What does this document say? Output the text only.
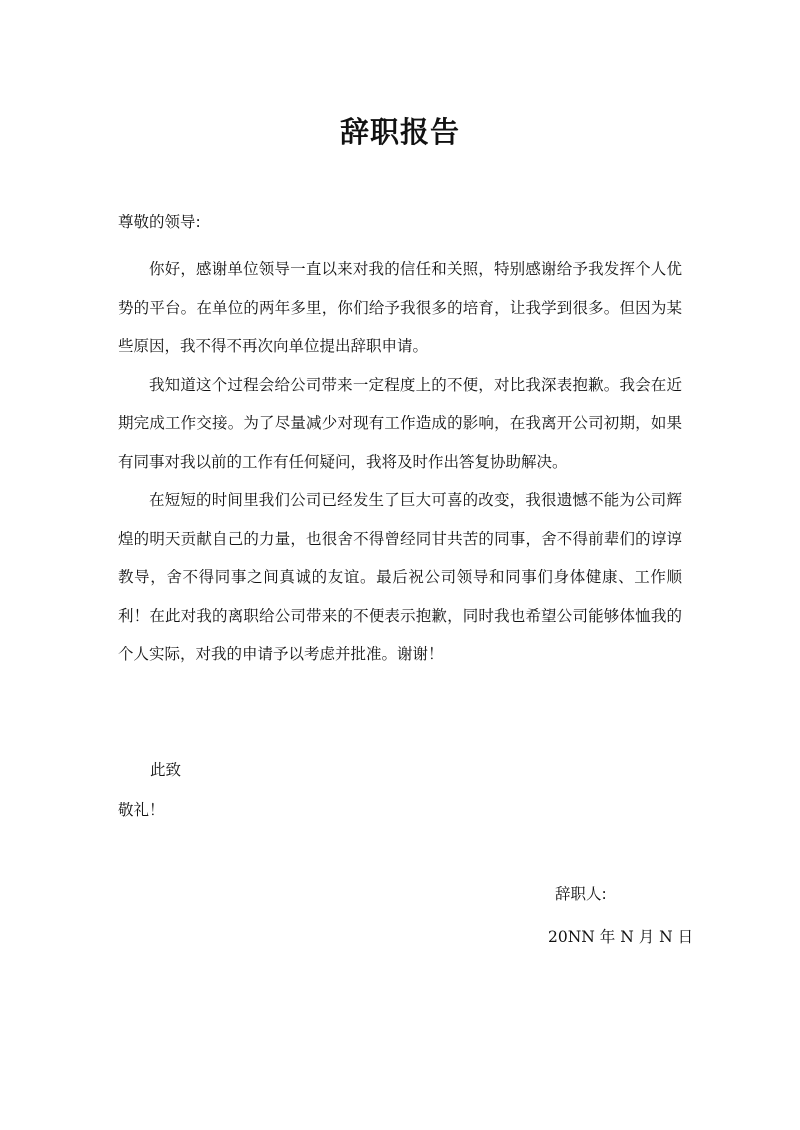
辞职报告

尊敬的领导:

你好，感谢单位领导一直以来对我的信任和关照，特别感谢给予我发挥个人优势的平台。在单位的两年多里，你们给予我很多的培育，让我学到很多。但因为某些原因，我不得不再次向单位提出辞职申请。

我知道这个过程会给公司带来一定程度上的不便，对比我深表抱歉。我会在近期完成工作交接。为了尽量减少对现有工作造成的影响，在我离开公司初期，如果有同事对我以前的工作有任何疑问，我将及时作出答复协助解决。

在短短的时间里我们公司已经发生了巨大可喜的改变，我很遗憾不能为公司辉煌的明天贡献自己的力量，也很舍不得曾经同甘共苦的同事，舍不得前辈们的谆谆教导，舍不得同事之间真诚的友谊。最后祝公司领导和同事们身体健康、工作顺利！在此对我的离职给公司带来的不便表示抱歉，同时我也希望公司能够体恤我的个人实际，对我的申请予以考虑并批准。谢谢！

此致

敬礼！

辞职人:

20NN 年 N 月 N 日
